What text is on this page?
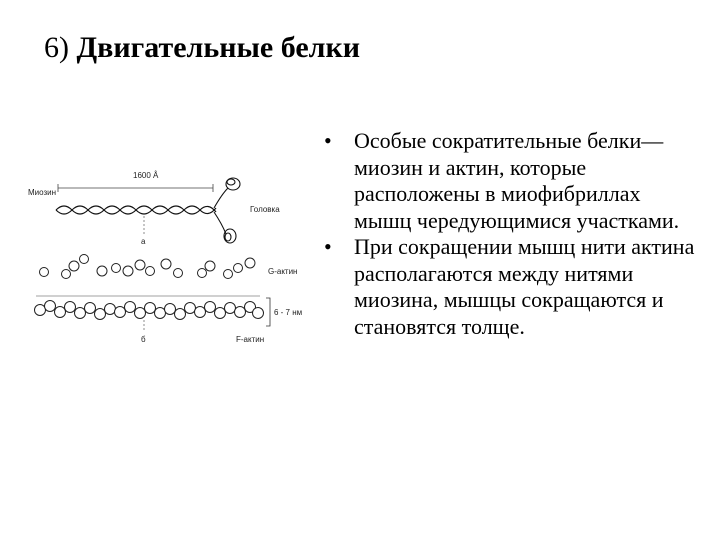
6) Двигательные белки
1600 Å
Миозин
Головка
а
G-актин
6 - 7 нм
б	F-актин
• Особые сократительные белки—миозин и актин, которые расположены в миофибриллах мышц чередующимися участками.
• При сокращении мышц нити актина располагаются между нитями миозина, мышцы сокращаются и становятся толще.
